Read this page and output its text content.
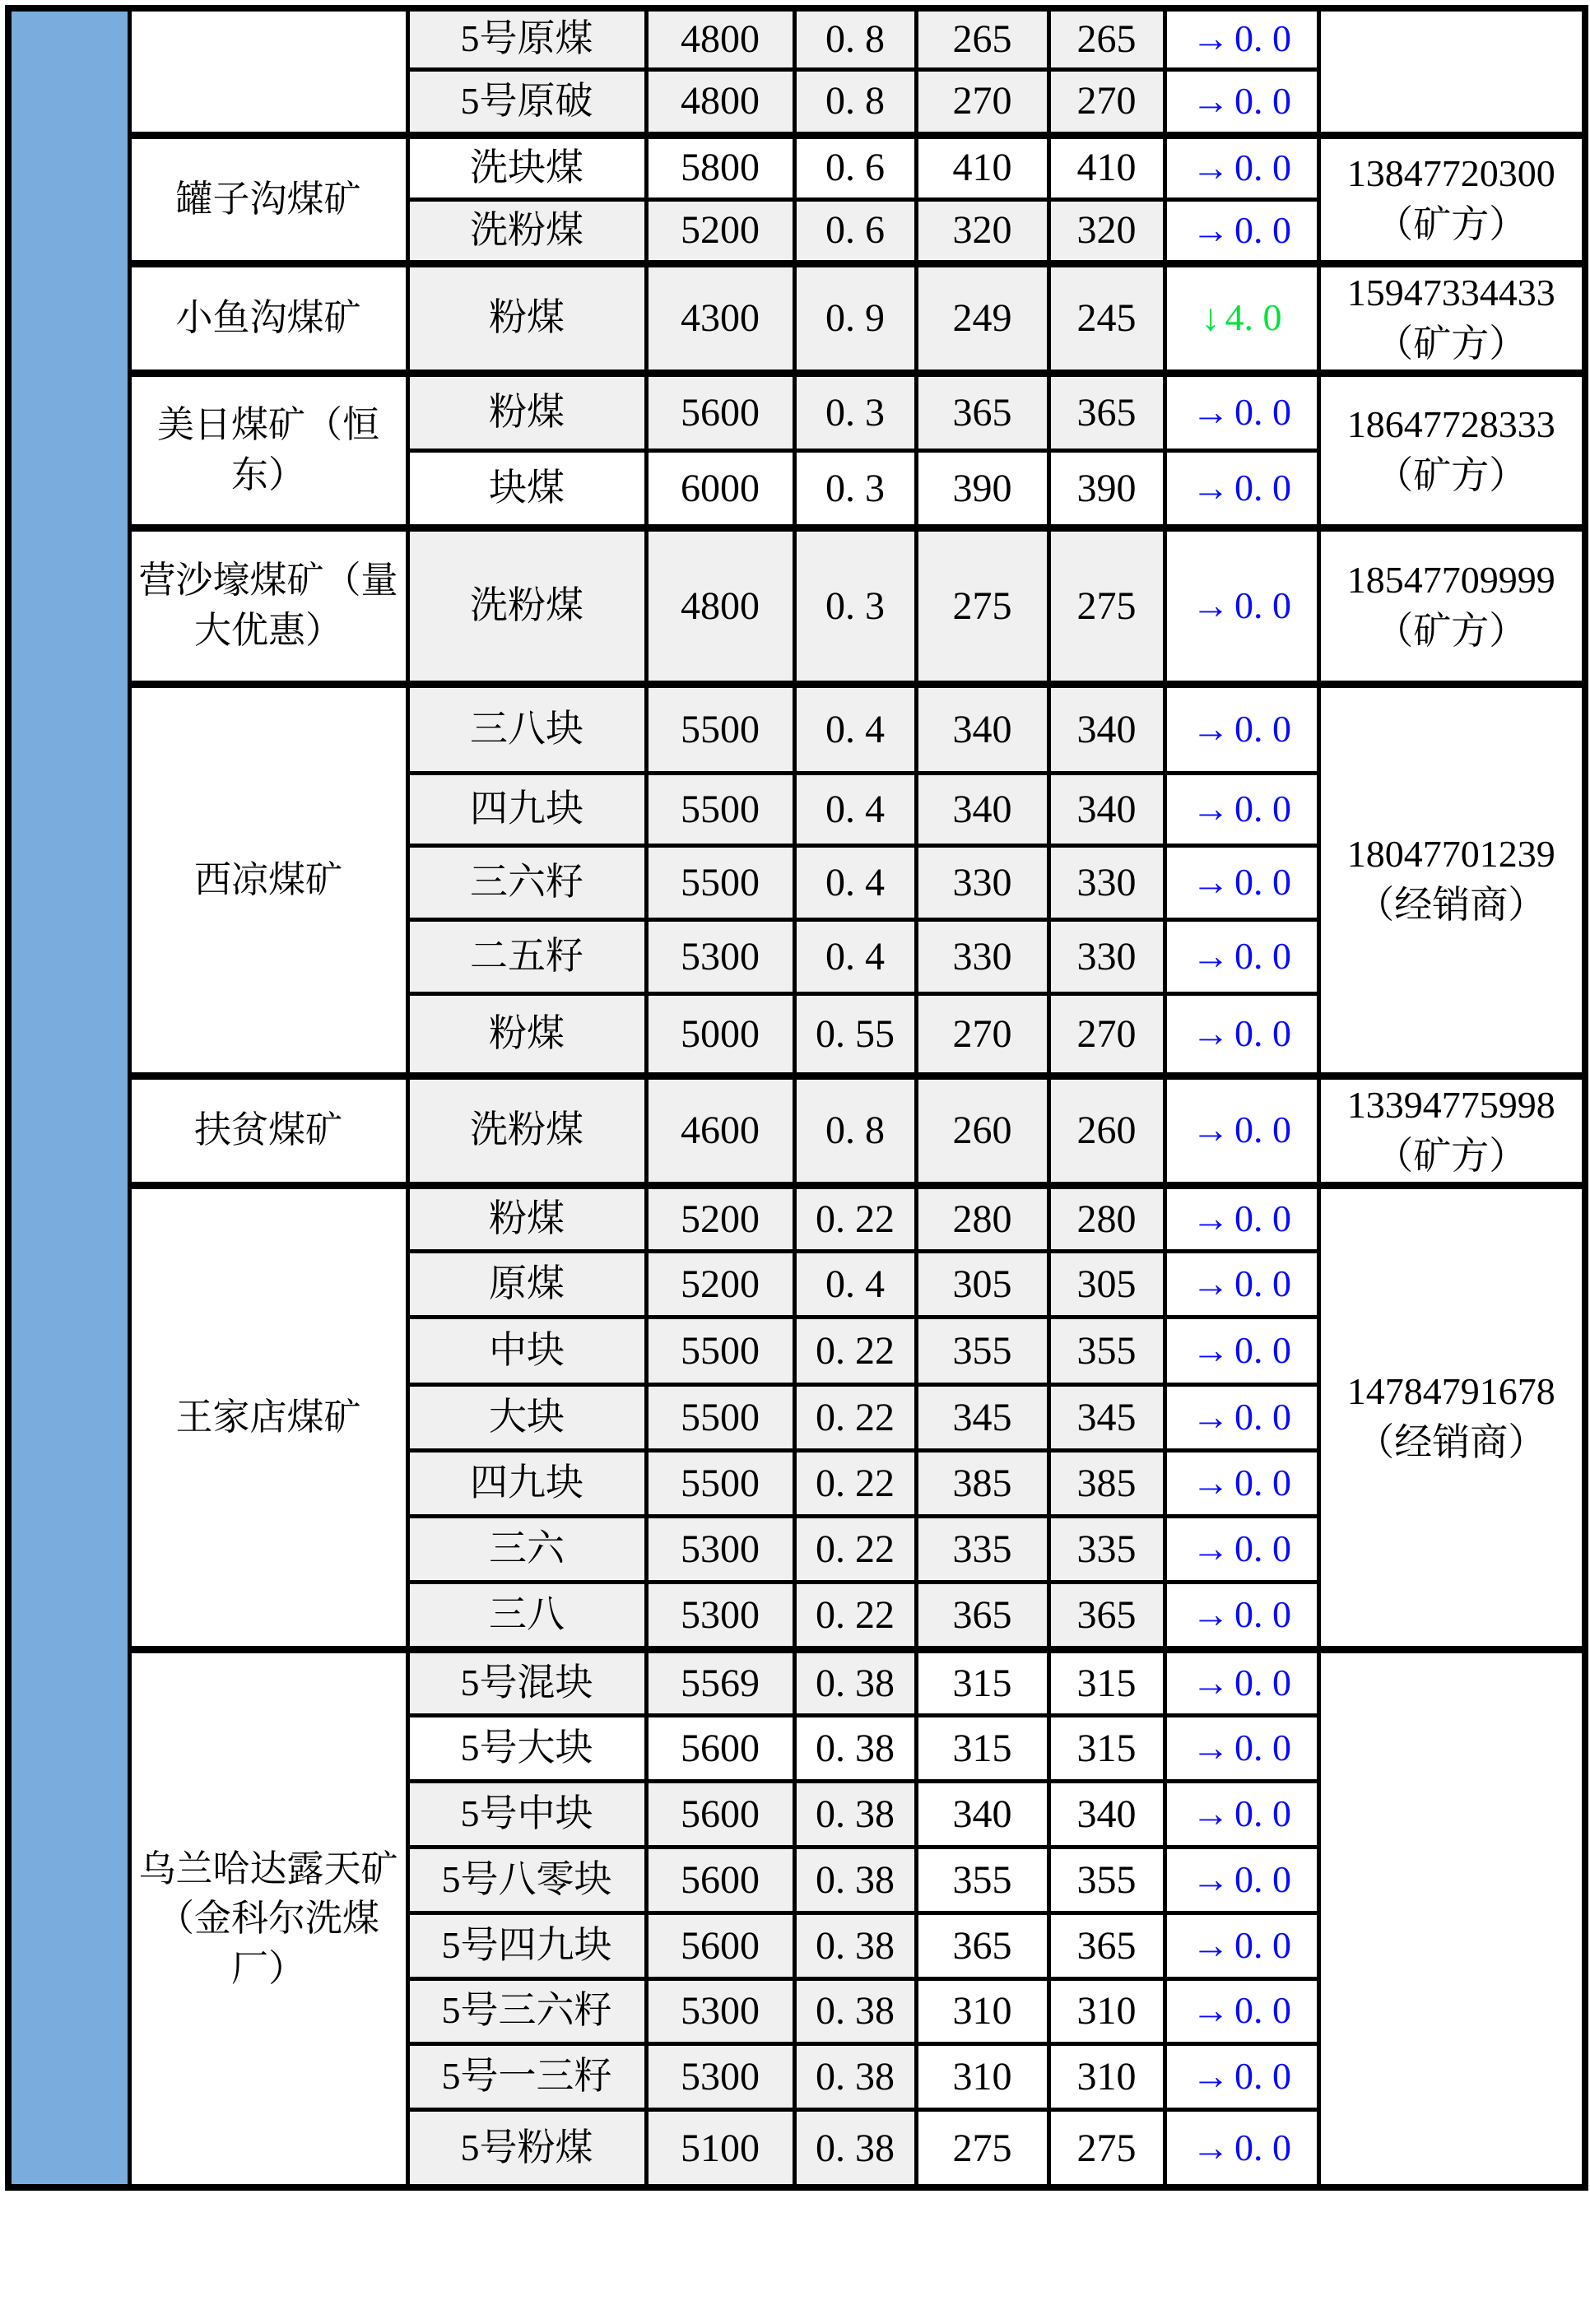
		5号原煤	4800	0. 8	265	265	→ 0. 0	
		5号原破	4800	0. 8	270	270	→ 0. 0	
	罐子沟煤矿	洗块煤	5800	0. 6	410	410	→ 0. 0	13847720300
（矿方）

		洗粉煤	5200	0. 6	320	320	→ 0. 0	
	小鱼沟煤矿	粉煤	4300	0. 9	249	245	↓ 4. 0	15947334433
（矿方）

	美日煤矿（恒东）	粉煤	5600	0. 3	365	365	→ 0. 0	18647728333
（矿方）

		块煤	6000	0. 3	390	390	→ 0. 0	
	营沙壕煤矿（量大优惠）	洗粉煤	4800	0. 3	275	275	→ 0. 0	18547709999
（矿方）

	西凉煤矿	三八块	5500	0. 4	340	340	→ 0. 0	18047701239
（经销商）

		四九块	5500	0. 4	340	340	→ 0. 0	
		三六籽	5500	0. 4	330	330	→ 0. 0	
		二五籽	5300	0. 4	330	330	→ 0. 0	
		粉煤	5000	0. 55	270	270	→ 0. 0	
	扶贫煤矿	洗粉煤	4600	0. 8	260	260	→ 0. 0	13394775998
（矿方）

	王家店煤矿	粉煤	5200	0. 22	280	280	→ 0. 0	14784791678
（经销商）

		原煤	5200	0. 4	305	305	→ 0. 0	
		中块	5500	0. 22	355	355	→ 0. 0	
		大块	5500	0. 22	345	345	→ 0. 0	
		四九块	5500	0. 22	385	385	→ 0. 0	
		三六	5300	0. 22	335	335	→ 0. 0	
		三八	5300	0. 22	365	365	→ 0. 0	
	乌兰哈达露天矿（金科尔洗煤厂）	5号混块	5569	0. 38	315	315	→ 0. 0	
		5号大块	5600	0. 38	315	315	→ 0. 0	
		5号中块	5600	0. 38	340	340	→ 0. 0	
		5号八零块	5600	0. 38	355	355	→ 0. 0	
		5号四九块	5600	0. 38	365	365	→ 0. 0	
		5号三六籽	5300	0. 38	310	310	→ 0. 0	
		5号一三籽	5300	0. 38	310	310	→ 0. 0	
		5号粉煤	5100	0. 38	275	275	→ 0. 0	
